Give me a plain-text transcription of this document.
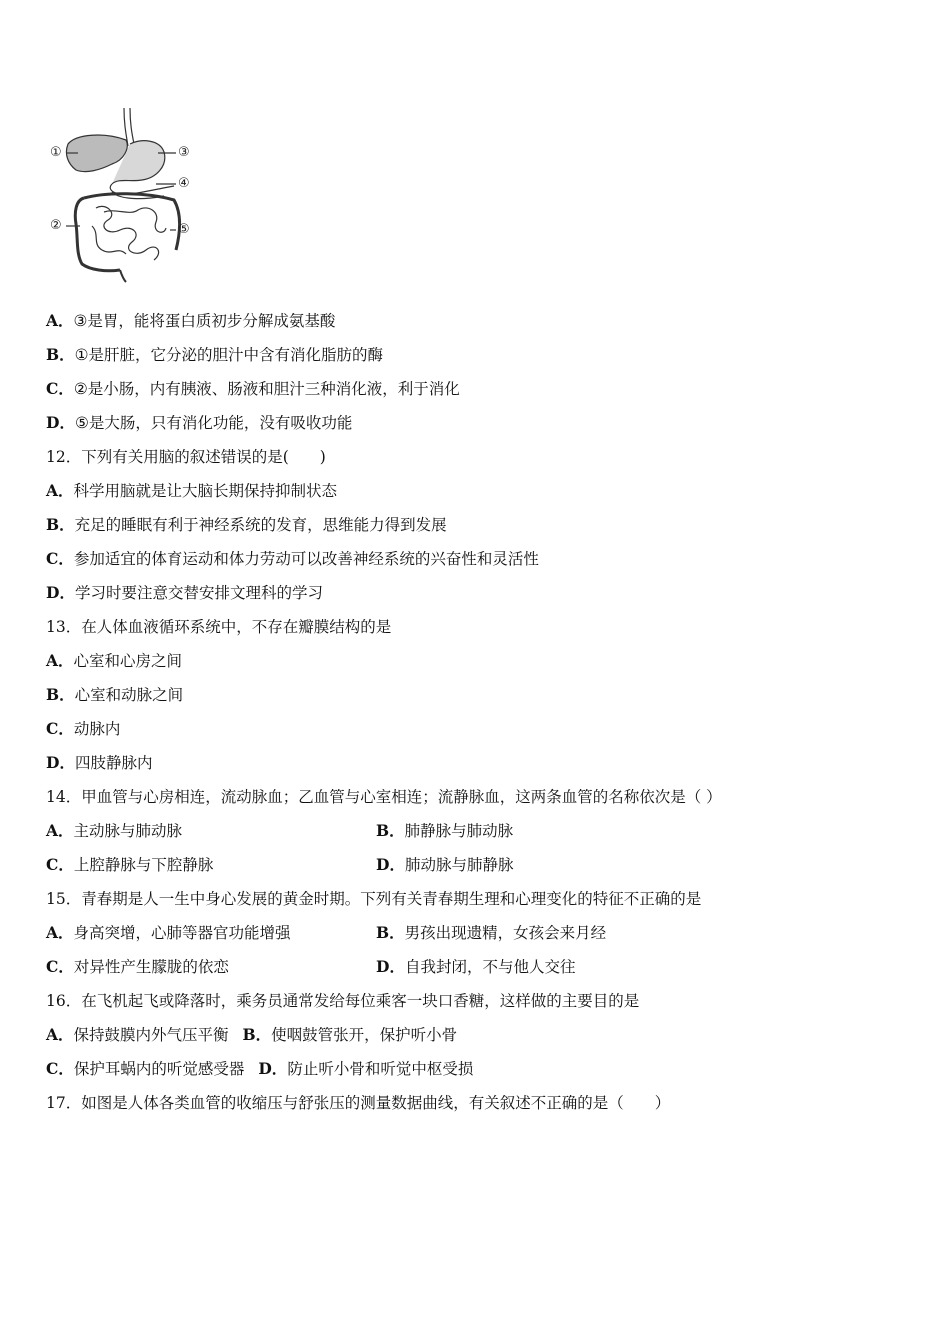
①
②
③
④
⑤
A．③是胃，能将蛋白质初步分解成氨基酸
B．①是肝脏，它分泌的胆汁中含有消化脂肪的酶
C．②是小肠，内有胰液、肠液和胆汁三种消化液，利于消化
D．⑤是大肠，只有消化功能，没有吸收功能
12．下列有关用脑的叙述错误的是(　　)
A．科学用脑就是让大脑长期保持抑制状态
B．充足的睡眠有利于神经系统的发育，思维能力得到发展
C．参加适宜的体育运动和体力劳动可以改善神经系统的兴奋性和灵活性
D．学习时要注意交替安排文理科的学习
13．在人体血液循环系统中，不存在瓣膜结构的是
A．心室和心房之间
B．心室和动脉之间
C．动脉内
D．四肢静脉内
14．甲血管与心房相连，流动脉血；乙血管与心室相连；流静脉血，这两条血管的名称依次是（ ）
A．主动脉与肺动脉	B．肺静脉与肺动脉
C．上腔静脉与下腔静脉	D．肺动脉与肺静脉
15．青春期是人一生中身心发展的黄金时期。下列有关青春期生理和心理变化的特征不正确的是
A．身高突增，心肺等器官功能增强	B．男孩出现遗精，女孩会来月经
C．对异性产生朦胧的依恋	D．自我封闭，不与他人交往
16．在飞机起飞或降落时，乘务员通常发给每位乘客一块口香糖，这样做的主要目的是
A．保持鼓膜内外气压平衡 B．使咽鼓管张开，保护听小骨
C．保护耳蜗内的听觉感受器 D．防止听小骨和听觉中枢受损
17．如图是人体各类血管的收缩压与舒张压的测量数据曲线，有关叙述不正确的是（　　）
